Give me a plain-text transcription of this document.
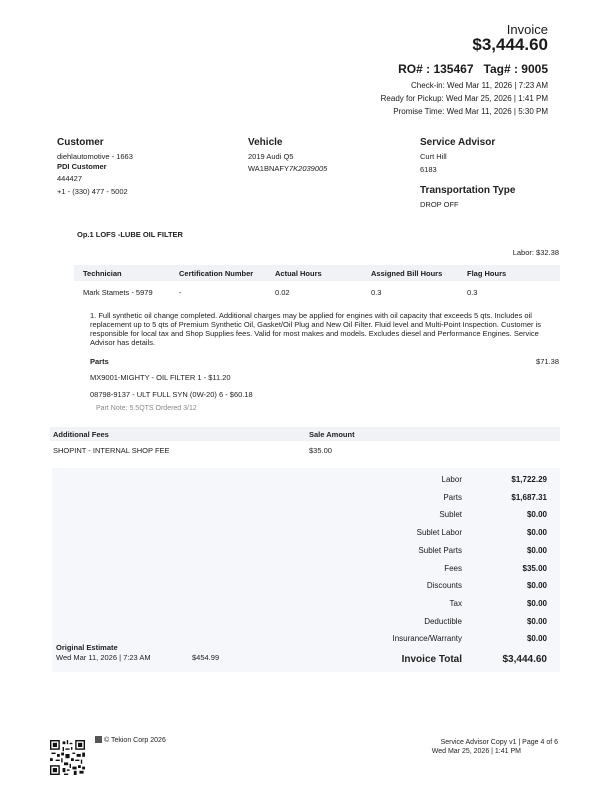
Invoice
$3,444.60
RO# : 135467 Tag# : 9005
Check-in: Wed Mar 11, 2026 | 7:23 AM
Ready for Pickup: Wed Mar 25, 2026 | 1:41 PM
Promise Time: Wed Mar 11, 2026 | 5:30 PM
Customer
diehlautomotive - 1663
PDI Customer
444427
+1 - (330) 477 - 5002
Vehicle
2019 Audi Q5
WA1BNAFY7K2039005
Service Advisor
Curt Hill
6183
Transportation Type
DROP OFF
Op.1 LOFS -LUBE OIL FILTER
Labor: $32.38
Technician	Certification Number	Actual Hours	Assigned Bill Hours	Flag Hours
Mark Stamets - 5979	-	0.02	0.3	0.3
1. Full synthetic oil change completed. Additional charges may be applied for engines with oil capacity that exceeds 5 qts. Includes oil replacement up to 5 qts of Premium Synthetic Oil, Gasket/Oil Plug and New Oil Filter. Fluid level and Multi-Point Inspection. Customer is responsible for local tax and Shop Supplies fees. Valid for most makes and models. Excludes diesel and Performance Engines. Service Advisor has details.
Parts	$71.38
MX9001-MIGHTY - OIL FILTER 1 - $11.20
08798-9137 - ULT FULL SYN (0W-20) 6 - $60.18
Part Note: 5.5QTS Ordered 3/12
Additional Fees	Sale Amount
SHOPINT - INTERNAL SHOP FEE	$35.00
Labor	$1,722.29
Parts	$1,687.31
Sublet	$0.00
Sublet Labor	$0.00
Sublet Parts	$0.00
Fees	$35.00
Discounts	$0.00
Tax	$0.00
Deductible	$0.00
Insurance/Warranty	$0.00
Invoice Total	$3,444.60
Original Estimate
Wed Mar 11, 2026 | 7:23 AM	$454.99
© Tekion Corp 2026	Service Advisor Copy v1 | Page 4 of 6
Wed Mar 25, 2026 | 1:41 PM
